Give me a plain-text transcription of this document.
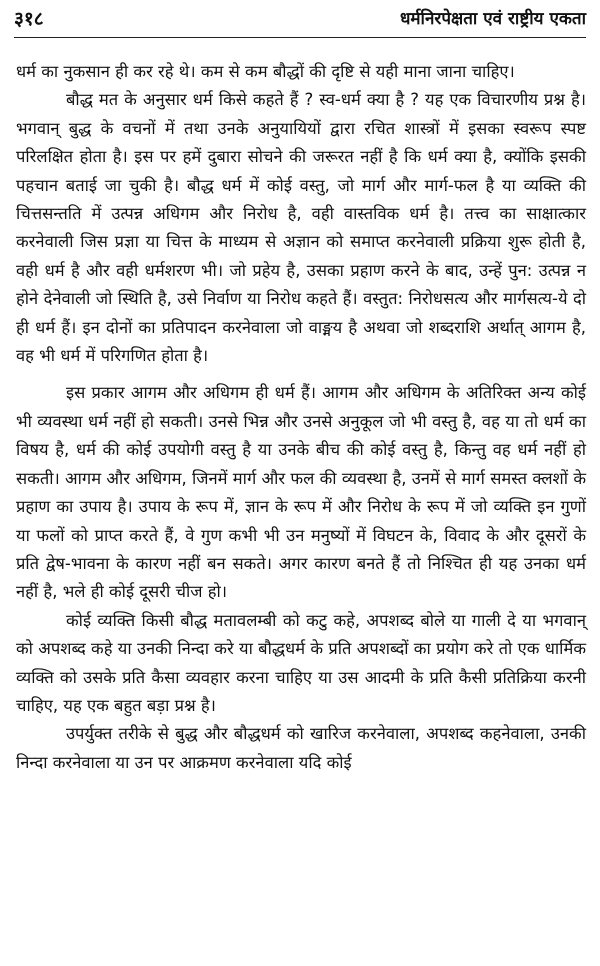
३१८	धर्मनिरपेक्षता एवं राष्ट्रीय एकता

धर्म का नुकसान ही कर रहे थे। कम से कम बौद्धों की दृष्टि से यही माना जाना चाहिए।

बौद्ध मत के अनुसार धर्म किसे कहते हैं ? स्व-धर्म क्या है ? यह एक विचारणीय प्रश्न है। भगवान् बुद्ध के वचनों में तथा उनके अनुयायियों द्वारा रचित शास्त्रों में इसका स्वरूप स्पष्ट परिलक्षित होता है। इस पर हमें दुबारा सोचने की जरूरत नहीं है कि धर्म क्या है, क्योंकि इसकी पहचान बताई जा चुकी है। बौद्ध धर्म में कोई वस्तु, जो मार्ग और मार्ग-फल है या व्यक्ति की चित्तसन्तति में उत्पन्न अधिगम और निरोध है, वही वास्तविक धर्म है। तत्त्व का साक्षात्कार करनेवाली जिस प्रज्ञा या चित्त के माध्यम से अज्ञान को समाप्त करनेवाली प्रक्रिया शुरू होती है, वही धर्म है और वही धर्मशरण भी। जो प्रहेय है, उसका प्रहाण करने के बाद, उन्हें पुन: उत्पन्न न होने देनेवाली जो स्थिति है, उसे निर्वाण या निरोध कहते हैं। वस्तुत: निरोधसत्य और मार्गसत्य-ये दो ही धर्म हैं। इन दोनों का प्रतिपादन करनेवाला जो वाङ्मय है अथवा जो शब्दराशि अर्थात् आगम है, वह भी धर्म में परिगणित होता है।

इस प्रकार आगम और अधिगम ही धर्म हैं। आगम और अधिगम के अतिरिक्त अन्य कोई भी व्यवस्था धर्म नहीं हो सकती। उनसे भिन्न और उनसे अनुकूल जो भी वस्तु है, वह या तो धर्म का विषय है, धर्म की कोई उपयोगी वस्तु है या उनके बीच की कोई वस्तु है, किन्तु वह धर्म नहीं हो सकती। आगम और अधिगम, जिनमें मार्ग और फल की व्यवस्था है, उनमें से मार्ग समस्त क्लशों के प्रहाण का उपाय है। उपाय के रूप में, ज्ञान के रूप में और निरोध के रूप में जो व्यक्ति इन गुणों या फलों को प्राप्त करते हैं, वे गुण कभी भी उन मनुष्यों में विघटन के, विवाद के और दूसरों के प्रति द्वेष-भावना के कारण नहीं बन सकते। अगर कारण बनते हैं तो निश्चित ही यह उनका धर्म नहीं है, भले ही कोई दूसरी चीज हो।

कोई व्यक्ति किसी बौद्ध मतावलम्बी को कटु कहे, अपशब्द बोले या गाली दे या भगवान् को अपशब्द कहे या उनकी निन्दा करे या बौद्धधर्म के प्रति अपशब्दों का प्रयोग करे तो एक धार्मिक व्यक्ति को उसके प्रति कैसा व्यवहार करना चाहिए या उस आदमी के प्रति कैसी प्रतिक्रिया करनी चाहिए, यह एक बहुत बड़ा प्रश्न है।

उपर्युक्त तरीके से बुद्ध और बौद्धधर्म को खारिज करनेवाला, अपशब्द कहनेवाला, उनकी निन्दा करनेवाला या उन पर आक्रमण करनेवाला यदि कोई
